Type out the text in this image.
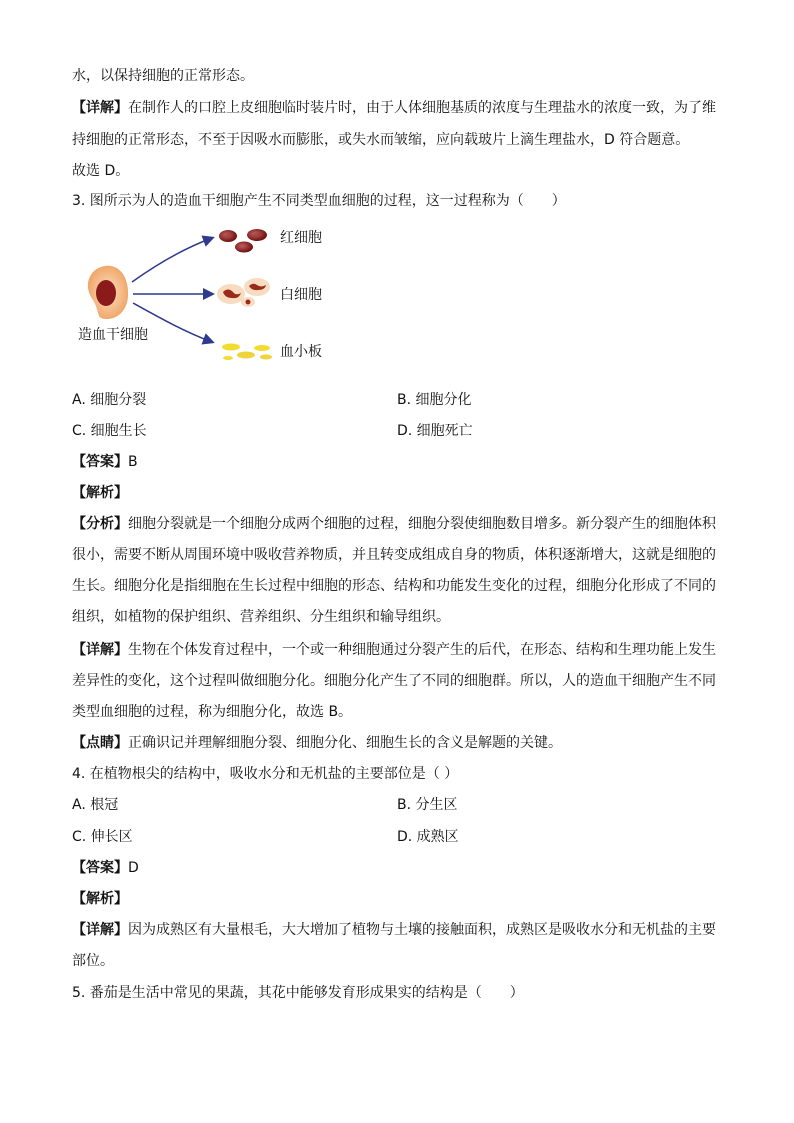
水，以保持细胞的正常形态。
【详解】在制作人的口腔上皮细胞临时装片时，由于人体细胞基质的浓度与生理盐水的浓度一致，为了维
持细胞的正常形态，不至于因吸水而膨胀，或失水而皱缩，应向载玻片上滴生理盐水，D 符合题意。
故选 D。
3. 图所示为人的造血干细胞产生不同类型血细胞的过程，这一过程称为（　　）
造血干细胞
红细胞
白细胞
血小板
A. 细胞分裂	B. 细胞分化
C. 细胞生长	D. 细胞死亡
【答案】B
【解析】
【分析】细胞分裂就是一个细胞分成两个细胞的过程，细胞分裂使细胞数目增多。新分裂产生的细胞体积
很小，需要不断从周围环境中吸收营养物质，并且转变成组成自身的物质，体积逐渐增大，这就是细胞的
生长。细胞分化是指细胞在生长过程中细胞的形态、结构和功能发生变化的过程，细胞分化形成了不同的
组织，如植物的保护组织、营养组织、分生组织和输导组织。
【详解】生物在个体发育过程中，一个或一种细胞通过分裂产生的后代，在形态、结构和生理功能上发生
差异性的变化，这个过程叫做细胞分化。细胞分化产生了不同的细胞群。所以，人的造血干细胞产生不同
类型血细胞的过程，称为细胞分化，故选 B。
【点睛】正确识记并理解细胞分裂、细胞分化、细胞生长的含义是解题的关键。
4. 在植物根尖的结构中，吸收水分和无机盐的主要部位是（ ）
A. 根冠	B. 分生区
C. 伸长区	D. 成熟区
【答案】D
【解析】
【详解】因为成熟区有大量根毛，大大增加了植物与土壤的接触面积，成熟区是吸收水分和无机盐的主要
部位。
5. 番茄是生活中常见的果蔬，其花中能够发育形成果实的结构是（　　）
